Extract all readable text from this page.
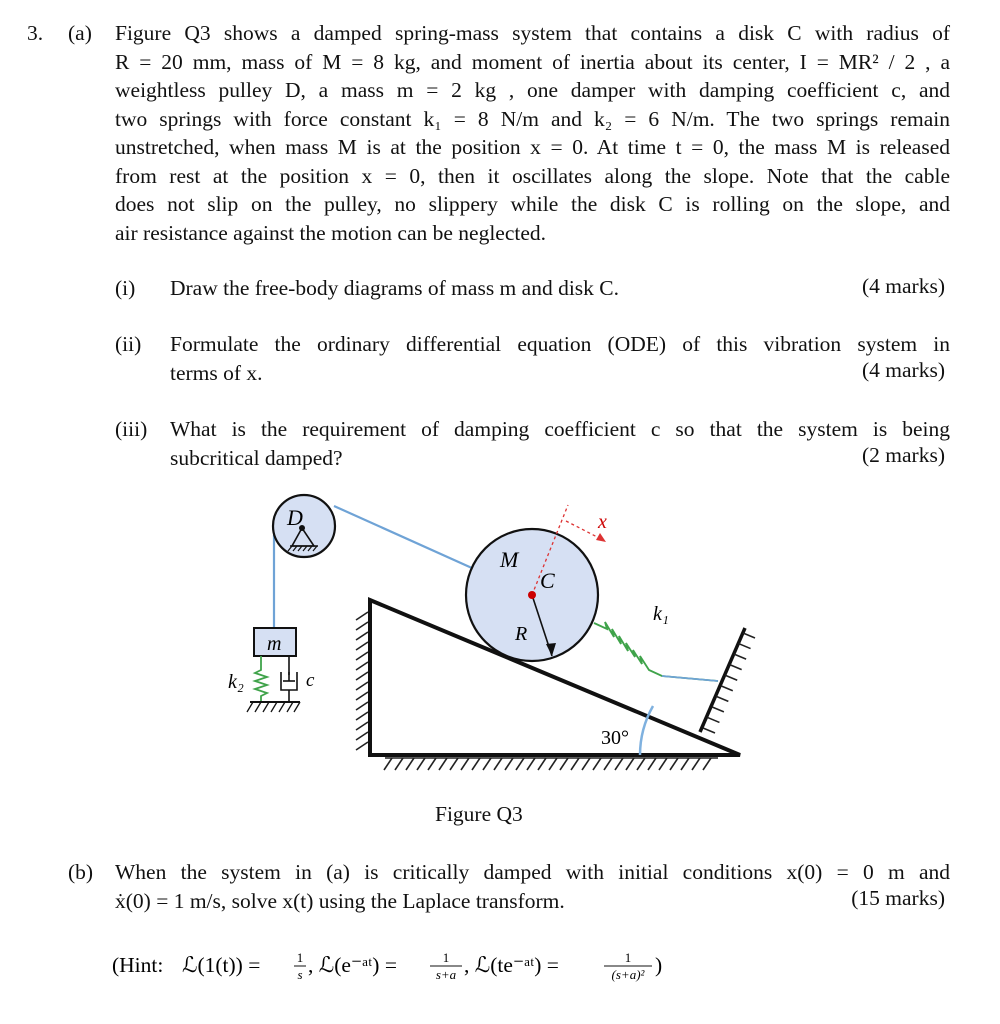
3. (a) Figure Q3 shows a damped spring-mass system that contains a disk C with radius of
R = 20 mm, mass of M = 8 kg, and moment of inertia about its center, I = MR² / 2 , a
weightless pulley D, a mass m = 2 kg , one damper with damping coefficient c, and
two springs with force constant k₁ = 8 N/m and k₂ = 6 N/m. The two springs remain
unstretched, when mass M is at the position x = 0. At time t = 0, the mass M is released
from rest at the position x = 0, then it oscillates along the slope. Note that the cable
does not slip on the pulley, no slippery while the disk C is rolling on the slope, and
air resistance against the motion can be neglected.
(i) Draw the free-body diagrams of mass m and disk C.	(4 marks)
(ii) Formulate the ordinary differential equation (ODE) of this vibration system in
terms of x.	(4 marks)
(iii) What is the requirement of damping coefficient c so that the system is being
subcritical damped?	(2 marks)
D
m
k₂	c
M
C
R
x
k₁
30°
Figure Q3
(b) When the system in (a) is critically damped with initial conditions x(0) = 0 m and
ẋ(0) = 1 m/s, solve x(t) using the Laplace transform.	(15 marks)
(Hint: ℒ(1(t)) =	1
s , ℒ(e⁻ᵃᵗ) =	1
s+a , ℒ(te⁻ᵃᵗ) =	1
(s+a)² )
